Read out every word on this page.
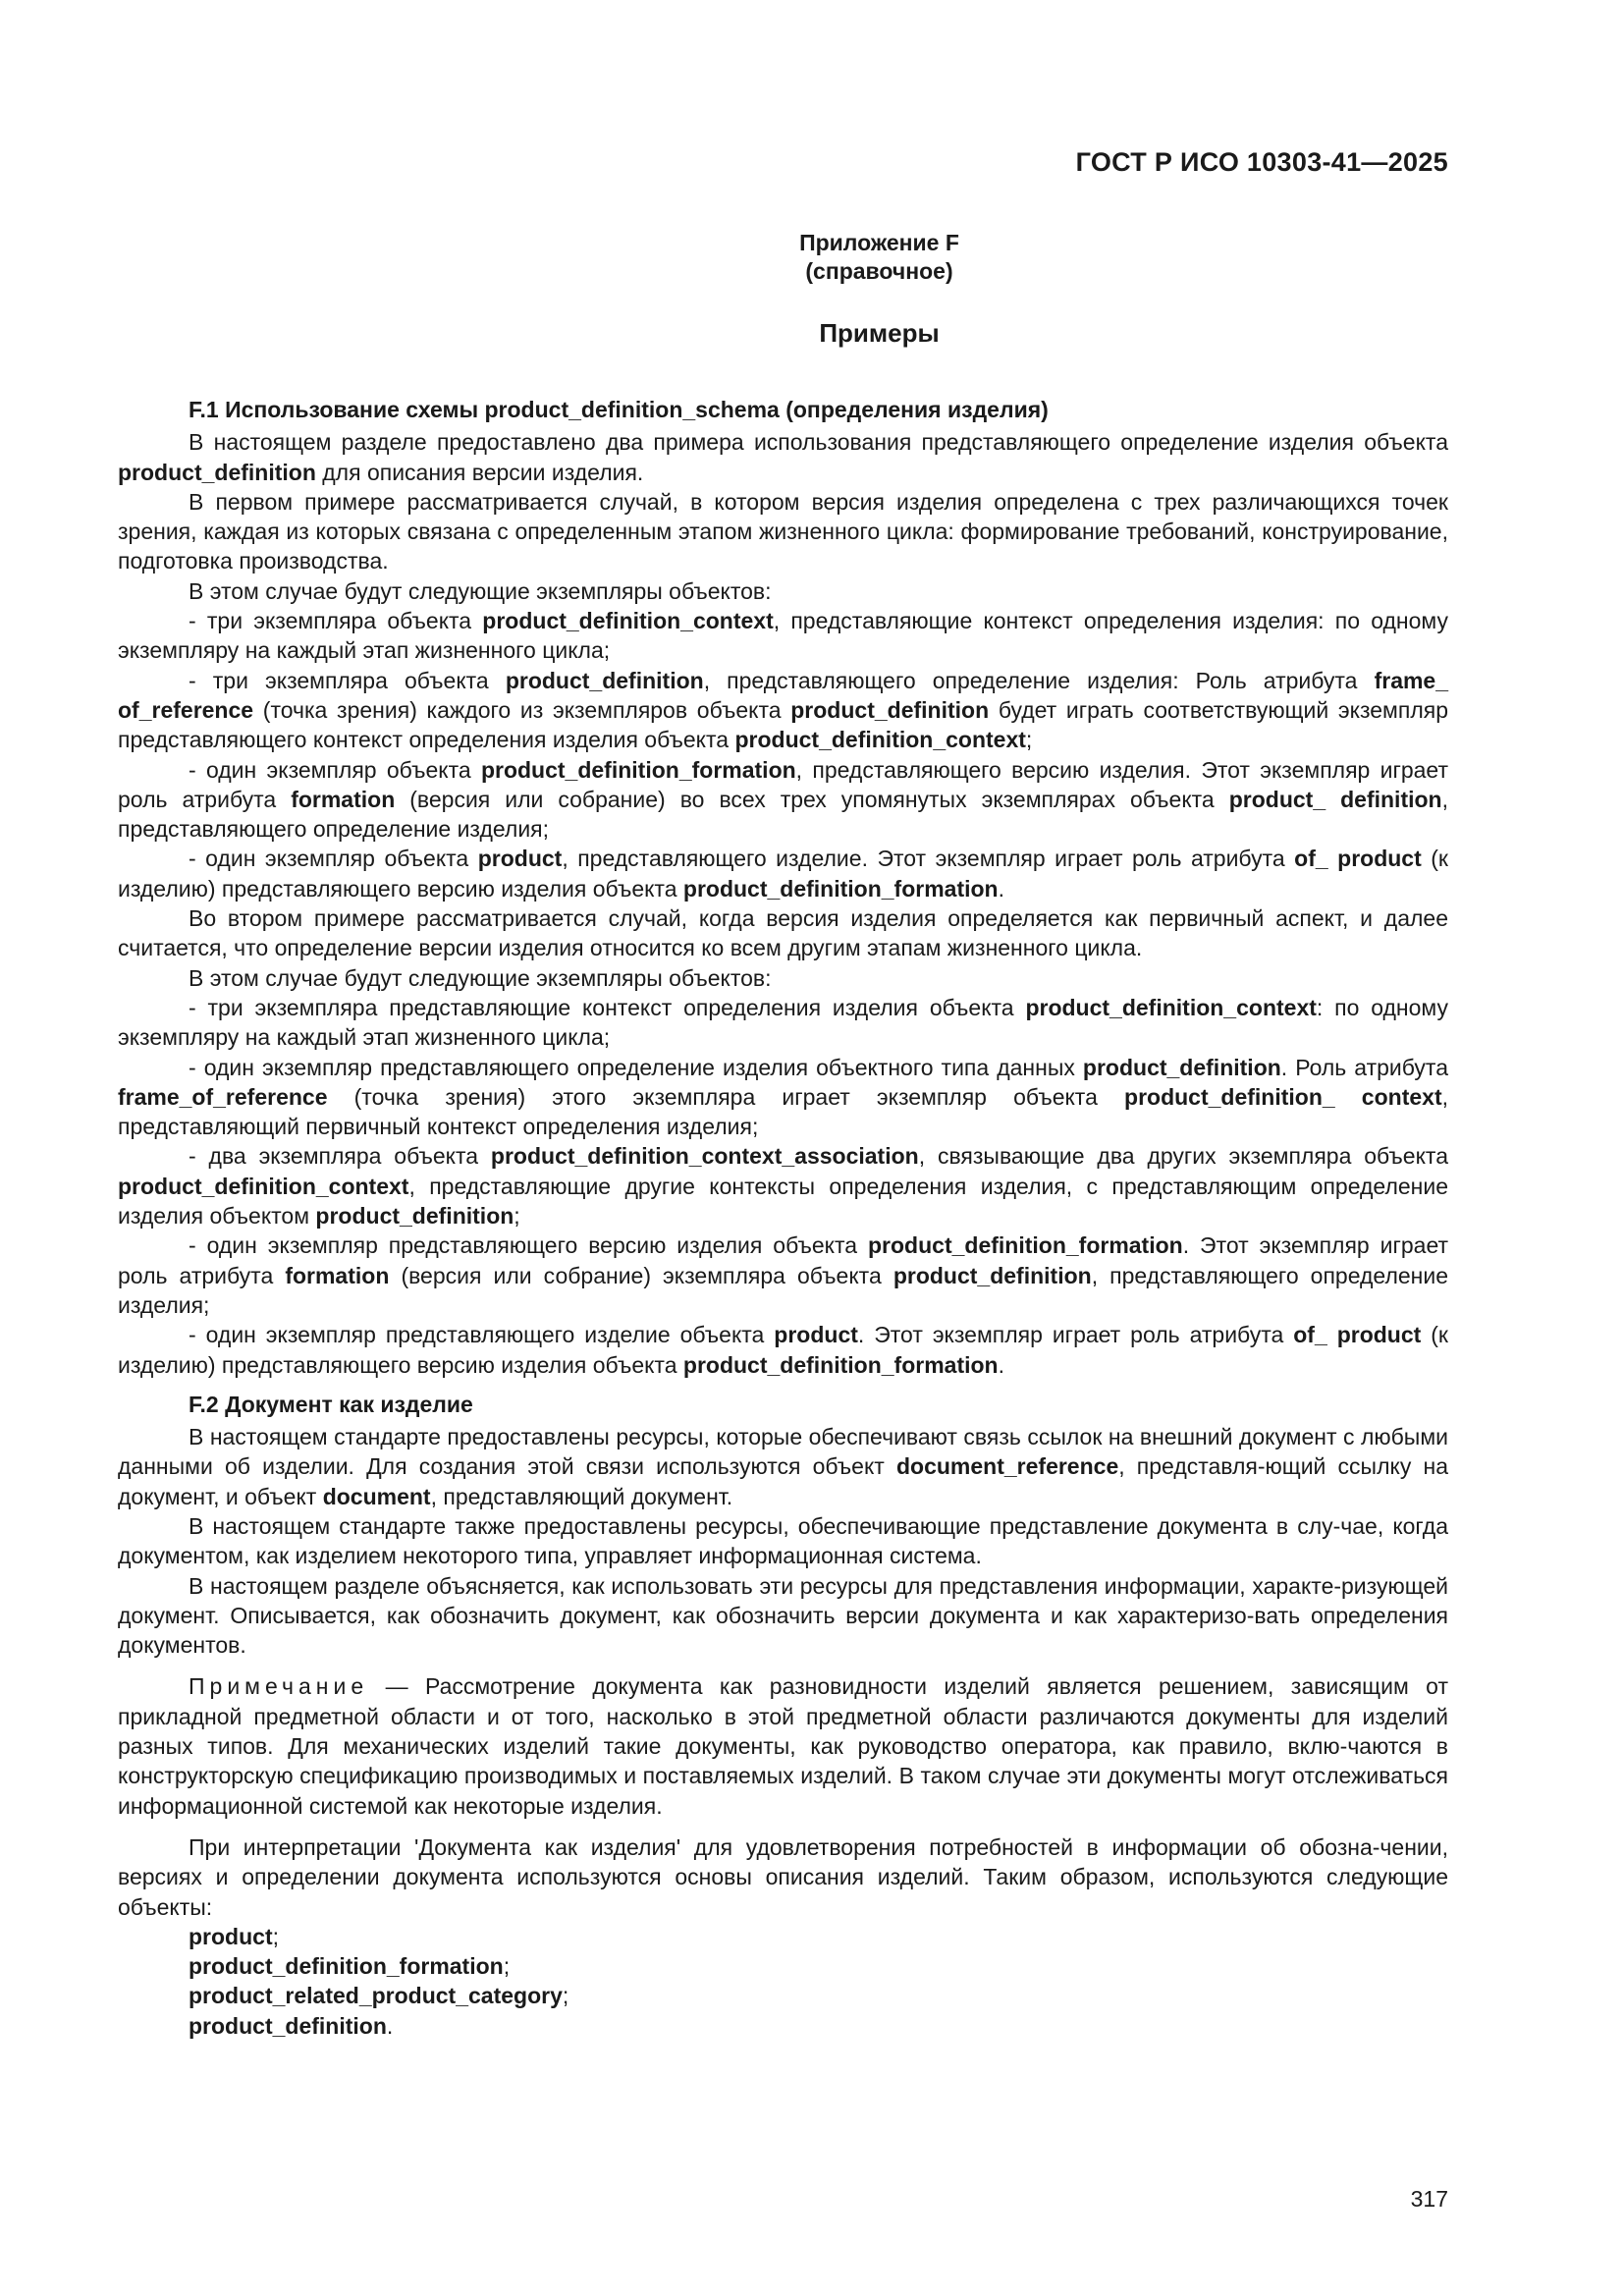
ГОСТ Р ИСО 10303-41—2025
Приложение F
(справочное)
Примеры
F.1 Использование схемы product_definition_schema (определения изделия)

В настоящем разделе предоставлено два примера использования представляющего определение изделия объекта product_definition для описания версии изделия.

В первом примере рассматривается случай, в котором версия изделия определена с трех различающихся точек зрения, каждая из которых связана с определенным этапом жизненного цикла: формирование требований, конструирование, подготовка производства.

В этом случае будут следующие экземпляры объектов:

- три экземпляра объекта product_definition_context, представляющие контекст определения изделия: по одному экземпляру на каждый этап жизненного цикла;

- три экземпляра объекта product_definition, представляющего определение изделия: Роль атрибута frame_ of_reference (точка зрения) каждого из экземпляров объекта product_definition будет играть соответствующий экземпляр представляющего контекст определения изделия объекта product_definition_context;

- один экземпляр объекта product_definition_formation, представляющего версию изделия. Этот экземпляр играет роль атрибута formation (версия или собрание) во всех трех упомянутых экземплярах объекта product_ definition, представляющего определение изделия;

- один экземпляр объекта product, представляющего изделие. Этот экземпляр играет роль атрибута of_ product (к изделию) представляющего версию изделия объекта product_definition_formation.

Во втором примере рассматривается случай, когда версия изделия определяется как первичный аспект, и далее считается, что определение версии изделия относится ко всем другим этапам жизненного цикла.

В этом случае будут следующие экземпляры объектов:

- три экземпляра представляющие контекст определения изделия объекта product_definition_context: по одному экземпляру на каждый этап жизненного цикла;

- один экземпляр представляющего определение изделия объектного типа данных product_definition. Роль атрибута frame_of_reference (точка зрения) этого экземпляра играет экземпляр объекта product_definition_ context, представляющий первичный контекст определения изделия;

- два экземпляра объекта product_definition_context_association, связывающие два других экземпляра объекта product_definition_context, представляющие другие контексты определения изделия, с представляющим определение изделия объектом product_definition;

- один экземпляр представляющего версию изделия объекта product_definition_formation. Этот экземпляр играет роль атрибута formation (версия или собрание) экземпляра объекта product_definition, представляющего определение изделия;

- один экземпляр представляющего изделие объекта product. Этот экземпляр играет роль атрибута of_ product (к изделию) представляющего версию изделия объекта product_definition_formation.

F.2 Документ как изделие

В настоящем стандарте предоставлены ресурсы, которые обеспечивают связь ссылок на внешний документ с любыми данными об изделии. Для создания этой связи используются объект document_reference, представля-ющий ссылку на документ, и объект document, представляющий документ.

В настоящем стандарте также предоставлены ресурсы, обеспечивающие представление документа в слу-чае, когда документом, как изделием некоторого типа, управляет информационная система.

В настоящем разделе объясняется, как использовать эти ресурсы для представления информации, характе-ризующей документ. Описывается, как обозначить документ, как обозначить версии документа и как характеризо-вать определения документов.

Примечание — Рассмотрение документа как разновидности изделий является решением, зависящим от прикладной предметной области и от того, насколько в этой предметной области различаются документы для изделий разных типов. Для механических изделий такие документы, как руководство оператора, как правило, вклю-чаются в конструкторскую спецификацию производимых и поставляемых изделий. В таком случае эти документы могут отслеживаться информационной системой как некоторые изделия.

При интерпретации 'Документа как изделия' для удовлетворения потребностей в информации об обозна-чении, версиях и определении документа используются основы описания изделий. Таким образом, используются следующие объекты:

product;
product_definition_formation;
product_related_product_category;
product_definition.
317
